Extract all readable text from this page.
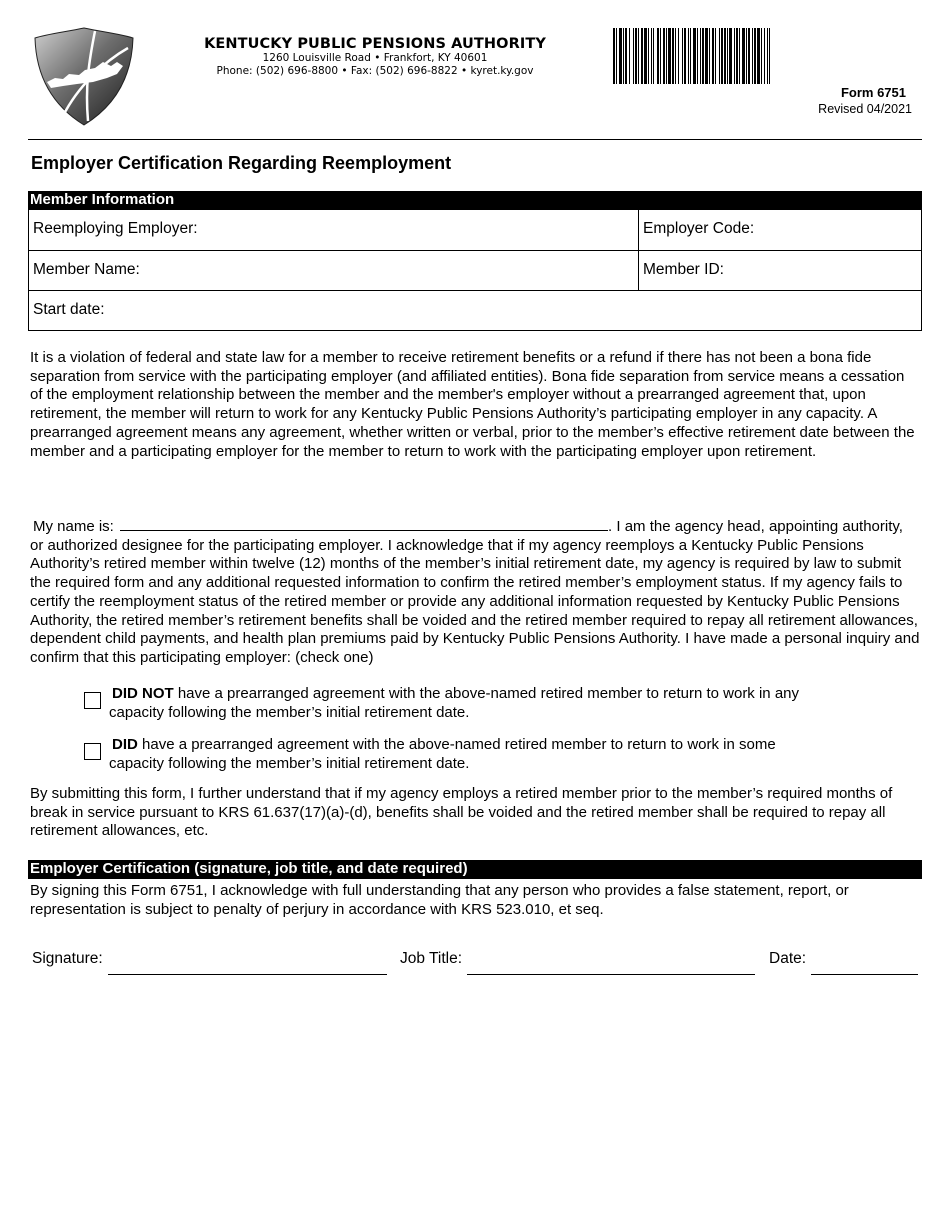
KENTUCKY PUBLIC PENSIONS AUTHORITY
1260 Louisville Road • Frankfort, KY 40601
Phone: (502) 696-8800 • Fax: (502) 696-8822 • kyret.ky.gov
Form 6751
Revised 04/2021
Employer Certification Regarding Reemployment
Member Information
Reemploying Employer:	Employer Code:
Member Name:	Member ID:
Start date:
It is a violation of federal and state law for a member to receive retirement benefits or a refund if there has not been a bona fide separation from service with the participating employer (and affiliated entities). Bona fide separation from service means a cessation of the employment relationship between the member and the member's employer without a prearranged agreement that, upon retirement, the member will return to work for any Kentucky Public Pensions Authority’s participating employer in any capacity. A prearranged agreement means any agreement, whether written or verbal, prior to the member’s effective retirement date between the member and a participating employer for the member to return to work with the participating employer upon retirement.
My name is:	. I am the agency head, appointing authority,
or authorized designee for the participating employer. I acknowledge that if my agency reemploys a Kentucky Public Pensions Authority’s retired member within twelve (12) months of the member’s initial retirement date, my agency is required by law to submit the required form and any additional requested information to confirm the retired member’s employment status. If my agency fails to certify the reemployment status of the retired member or provide any additional information requested by Kentucky Public Pensions Authority, the retired member’s retirement benefits shall be voided and the retired member required to repay all retirement allowances, dependent child payments, and health plan premiums paid by Kentucky Public Pensions Authority. I have made a personal inquiry and confirm that this participating employer: (check one)
DID NOT have a prearranged agreement with the above-named retired member to return to work in any
capacity following the member’s initial retirement date.
DID have a prearranged agreement with the above-named retired member to return to work in some
capacity following the member’s initial retirement date.
By submitting this form, I further understand that if my agency employs a retired member prior to the member’s required months of break in service pursuant to KRS 61.637(17)(a)-(d), benefits shall be voided and the retired member shall be required to repay all retirement allowances, etc.
Employer Certification (signature, job title, and date required)
By signing this Form 6751, I acknowledge with full understanding that any person who provides a false statement, report, or representation is subject to penalty of perjury in accordance with KRS 523.010, et seq.
Signature:	Job Title:	Date:
